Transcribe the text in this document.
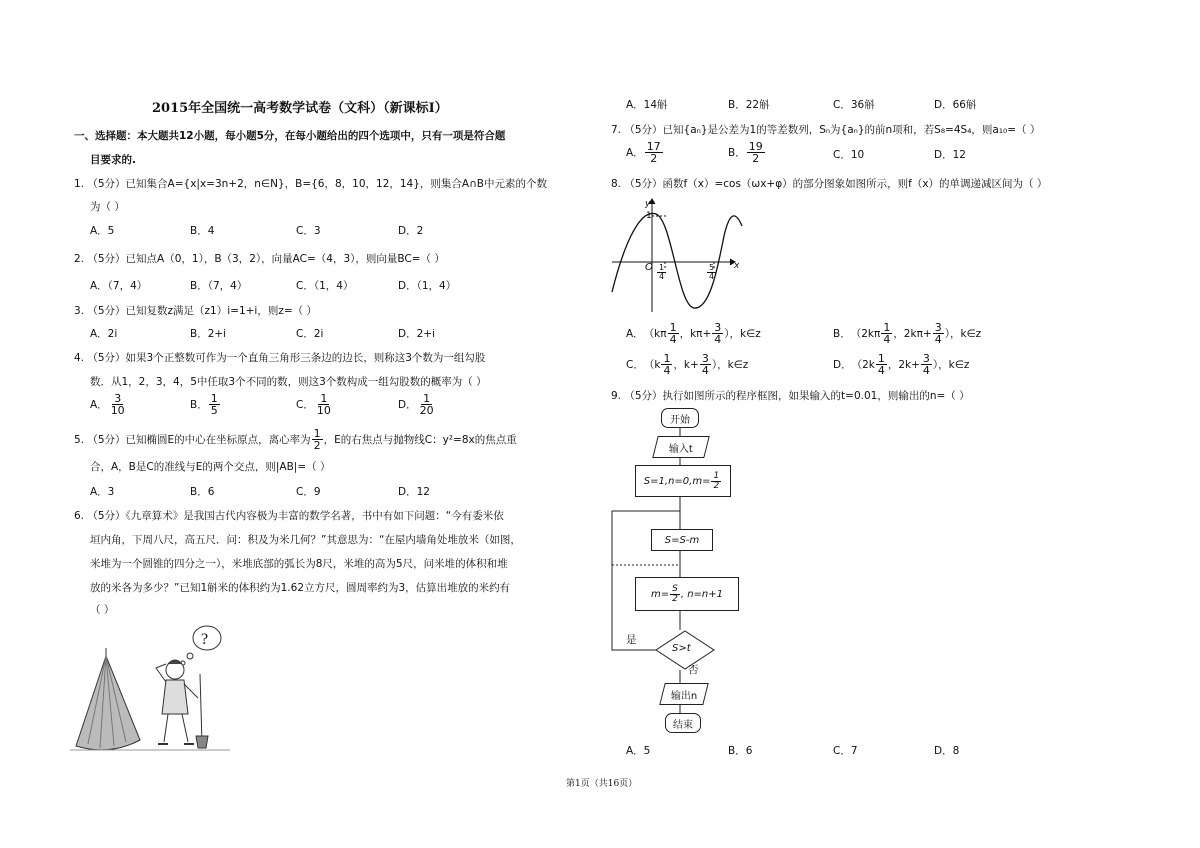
2015年全国统一高考数学试卷（文科）（新课标Ⅰ）
一、选择题：本大题共12小题，每小题5分，在每小题给出的四个选项中，只有一项是符合题
目要求的.
1. （5分）已知集合A={x|x=3n+2，n∈N}，B={6，8，10，12，14}，则集合A∩B中元素的个数
为（ ）
A．5	B．4	C．3	D．2
2. （5分）已知点A（0，1），B（3，2），向量AC=（4，3），则向量BC=（ ）
A．（7，4）	B．（7，4）	C．（1，4）	D．（1，4）
3. （5分）已知复数z满足（z1）i=1+i，则z=（ ）
A．2i	B．2+i	C．2i	D．2+i
4. （5分）如果3个正整数可作为一个直角三角形三条边的边长，则称这3个数为一组勾股
数．从1，2，3，4，5中任取3个不同的数，则这3个数构成一组勾股数的概率为（ ）
A． $\frac{3}{10}$	B． $\frac{1}{5}$	C． $\frac{1}{10}$	D． $\frac{1}{20}$
5. （5分）已知椭圆E的中心在坐标原点，离心率为 $\frac{1}{2}$ ，E的右焦点与抛物线C：y²=8x的焦点重
合，A，B是C的准线与E的两个交点，则|AB|=（ ）
A．3	B．6	C．9	D．12
6. （5分）《九章算术》是我国古代内容极为丰富的数学名著，书中有如下问题：“今有委米依
垣内角，下周八尺，高五尺．问：积及为米几何？”其意思为：“在屋内墙角处堆放米（如图，
米堆为一个圆锥的四分之一），米堆底部的弧长为8尺，米堆的高为5尺，问米堆的体积和堆
放的米各为多少？”已知1斛米的体积约为1.62立方尺，圆周率约为3，估算出堆放的米约有
（ ）
?
A．14斛	B．22斛	C．36斛	D．66斛
7. （5分）已知{aₙ}是公差为1的等差数列，Sₙ为{aₙ}的前n项和，若S₈=4S₄，则a₁₀=（ ）
A． $\frac{17}{2}$	B． $\frac{19}{2}$	C．10	D．12
8. （5分）函数f（x）=cos（ωx+φ）的部分图象如图所示，则f（x）的单调递减区间为（ ）
y
1
x
O $\frac{1}{4}$	$\frac{5}{4}$
A．（$k\pi \frac{1}{4}$ ，$k\pi+ \frac{3}{4}$ ），k∈z	B．（$2k\pi \frac{1}{4}$ ，$2k\pi+ \frac{3}{4}$ ），k∈z
C．（$k \frac{1}{4}$ ，$k+ \frac{3}{4}$ ），k∈z	D．（$2k \frac{1}{4}$ ，$2k+ \frac{3}{4}$ ），k∈z
9. （5分）执行如图所示的程序框图，如果输入的t=0.01，则输出的n=（ ）
开始
输入t
$S=1,n=0,m= \frac{1}{2}$
S=S-m
$m= \frac{S}{2}$ , n=n+1
S>t
是
否
输出n
结束
A．5	B．6	C．7	D．8
第1页（共16页）
